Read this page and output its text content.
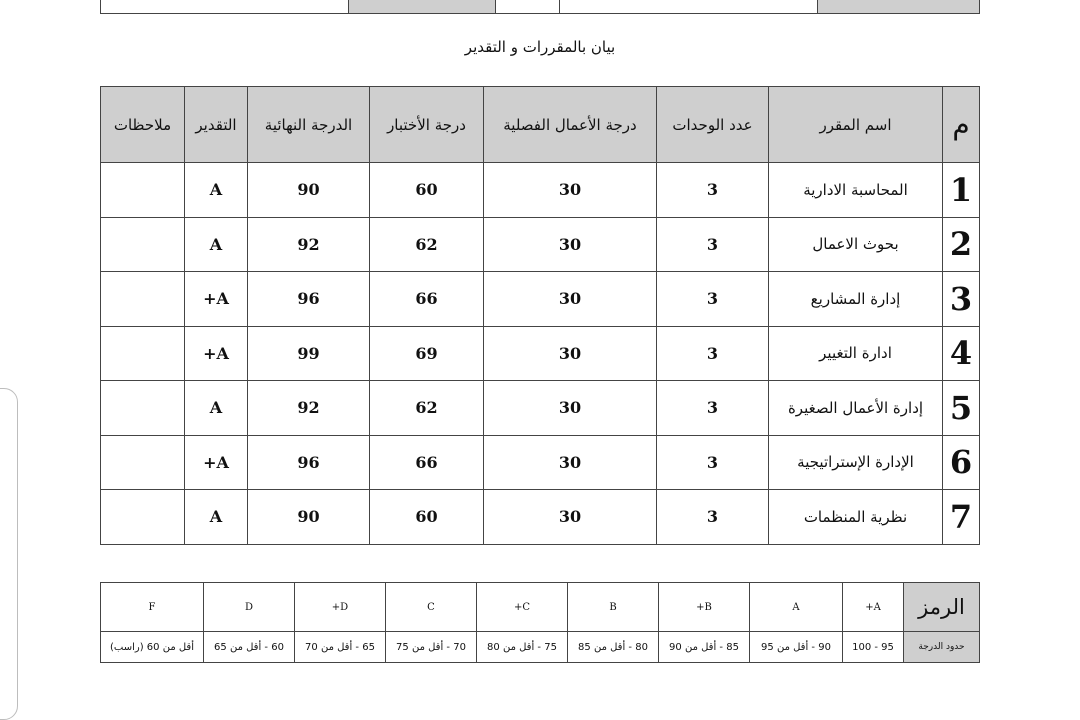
بيان بالمقررات و التقدير
م	اسم المقرر	عدد الوحدات	درجة الأعمال الفصلية	درجة الأختبار	الدرجة النهائية	التقدير	ملاحظات
1	المحاسبة الادارية	3	30	60	90	A	
2	بحوث الاعمال	3	30	62	92	A	
3	إدارة المشاريع	3	30	66	96	A+	
4	ادارة التغيير	3	30	69	99	A+	
5	إدارة الأعمال الصغيرة	3	30	62	92	A	
6	الإدارة الإستراتيجية	3	30	66	96	A+	
7	نظرية المنظمات	3	30	60	90	A	
الرمز	A+	A	B+	B	C+	C	D+	D	F
حدود الدرجة	95 - 100	90 - أقل من 95	85 - أقل من 90	80 - أقل من 85	75 - أقل من 80	70 - أقل من 75	65 - أقل من 70	60 - أقل من 65	أقل من 60 (راسب)
